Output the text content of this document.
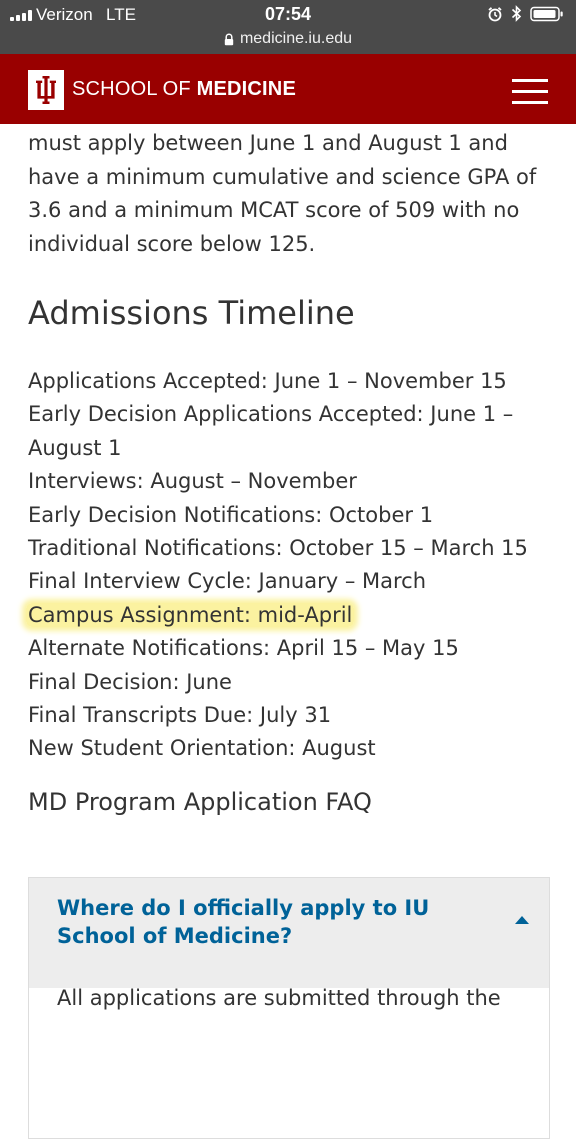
Verizon LTE	07:54
medicine.iu.edu
SCHOOL OF MEDICINE

must apply between June 1 and August 1 and have a minimum cumulative and science GPA of 3.6 and a minimum MCAT score of 509 with no individual score below 125.

Admissions Timeline
Applications Accepted: June 1 – November 15
Early Decision Applications Accepted: June 1 – August 1
Interviews: August – November
Early Decision Notifications: October 1
Traditional Notifications: October 15 – March 15
Final Interview Cycle: January – March
Campus Assignment: mid-April
Alternate Notifications: April 15 – May 15
Final Decision: June
Final Transcripts Due: July 31
New Student Orientation: August
MD Program Application FAQ
Where do I officially apply to IU School of Medicine?

All applications are submitted through the
